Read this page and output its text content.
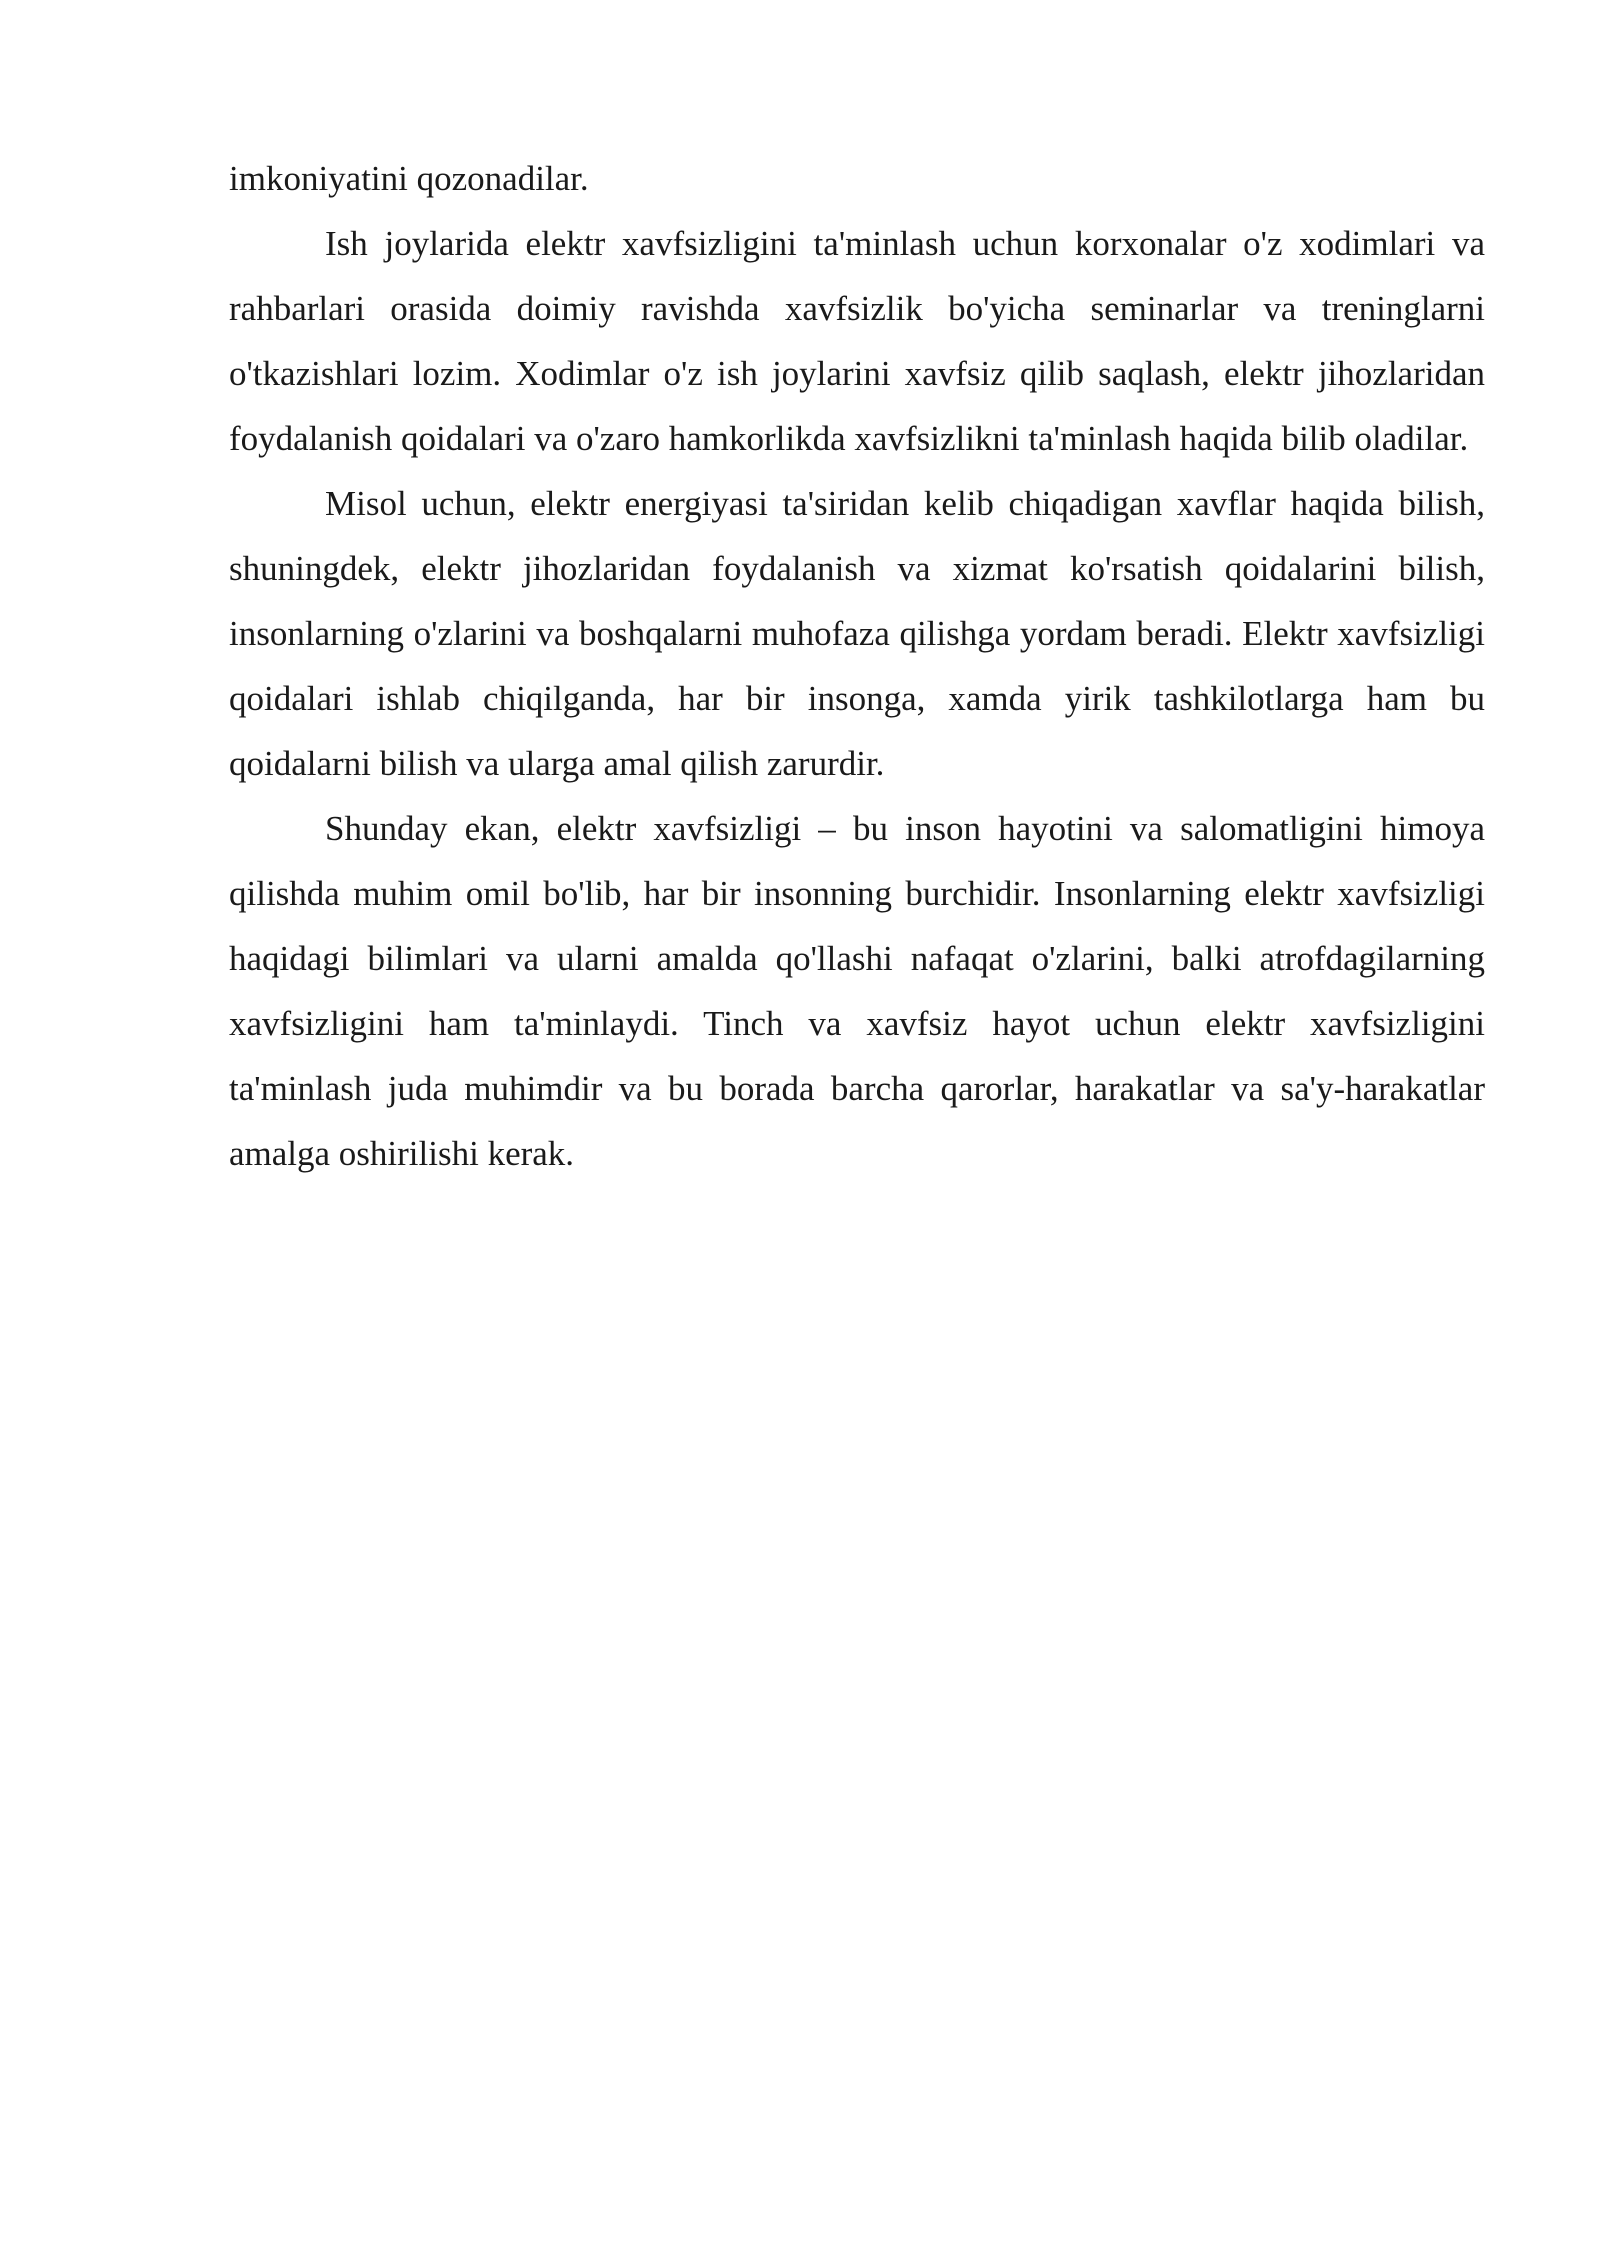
imkoniyatini qozonadilar.

Ish joylarida elektr xavfsizligini ta'minlash uchun korxonalar o'z xodimlari va rahbarlari orasida doimiy ravishda xavfsizlik bo'yicha seminarlar va treninglarni o'tkazishlari lozim. Xodimlar o'z ish joylarini xavfsiz qilib saqlash, elektr jihozlaridan foydalanish qoidalari va o'zaro hamkorlikda xavfsizlikni ta'minlash haqida bilib oladilar.

Misol uchun, elektr energiyasi ta'siridan kelib chiqadigan xavflar haqida bilish, shuningdek, elektr jihozlaridan foydalanish va xizmat ko'rsatish qoidalarini bilish, insonlarning o'zlarini va boshqalarni muhofaza qilishga yordam beradi. Elektr xavfsizligi qoidalari ishlab chiqilganda, har bir insonga, xamda yirik tashkilotlarga ham bu qoidalarni bilish va ularga amal qilish zarurdir.

Shunday ekan, elektr xavfsizligi – bu inson hayotini va salomatligini himoya qilishda muhim omil bo'lib, har bir insonning burchidir. Insonlarning elektr xavfsizligi haqidagi bilimlari va ularni amalda qo'llashi nafaqat o'zlarini, balki atrofdagilarning xavfsizligini ham ta'minlaydi. Tinch va xavfsiz hayot uchun elektr xavfsizligini ta'minlash juda muhimdir va bu borada barcha qarorlar, harakatlar va sa'y-harakatlar amalga oshirilishi kerak.
